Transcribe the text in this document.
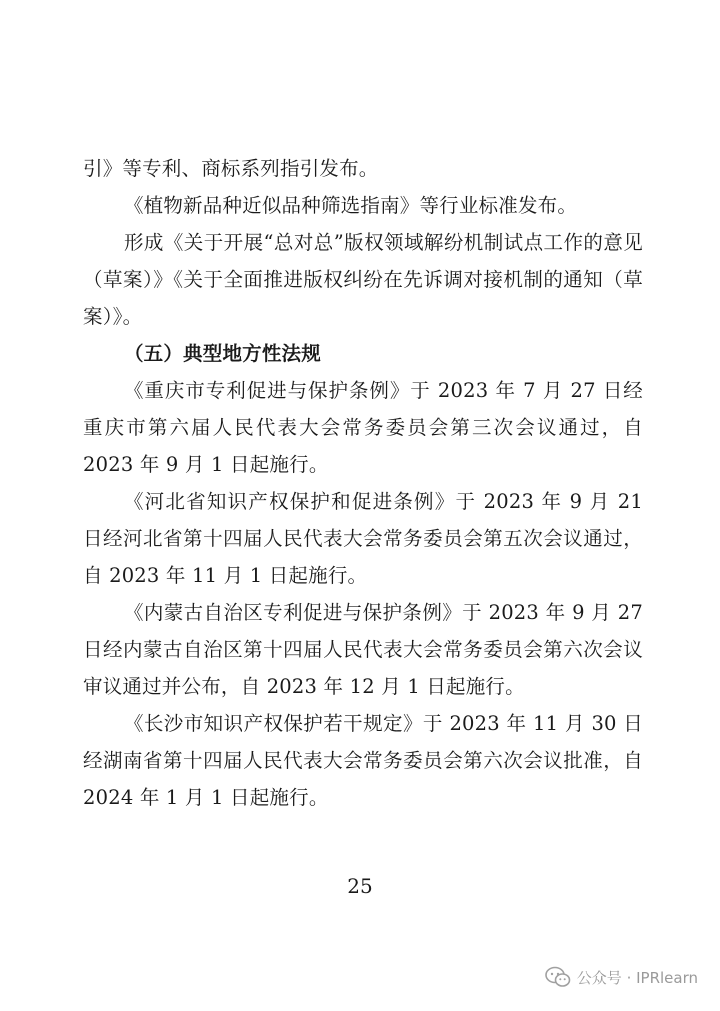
引》等专利、商标系列指引发布。

《植物新品种近似品种筛选指南》等行业标准发布。

形成《关于开展“总对总”版权领域解纷机制试点工作的意见（草案）》《关于全面推进版权纠纷在先诉调对接机制的通知（草案）》。

（五）典型地方性法规

《重庆市专利促进与保护条例》于 2023 年 7 月 27 日经重庆市第六届人民代表大会常务委员会第三次会议通过，自 2023 年 9 月 1 日起施行。

《河北省知识产权保护和促进条例》于 2023 年 9 月 21 日经河北省第十四届人民代表大会常务委员会第五次会议通过，自 2023 年 11 月 1 日起施行。

《内蒙古自治区专利促进与保护条例》于 2023 年 9 月 27 日经内蒙古自治区第十四届人民代表大会常务委员会第六次会议审议通过并公布，自 2023 年 12 月 1 日起施行。

《长沙市知识产权保护若干规定》于 2023 年 11 月 30 日经湖南省第十四届人民代表大会常务委员会第六次会议批准，自 2024 年 1 月 1 日起施行。

25
公众号 · IPRlearn
